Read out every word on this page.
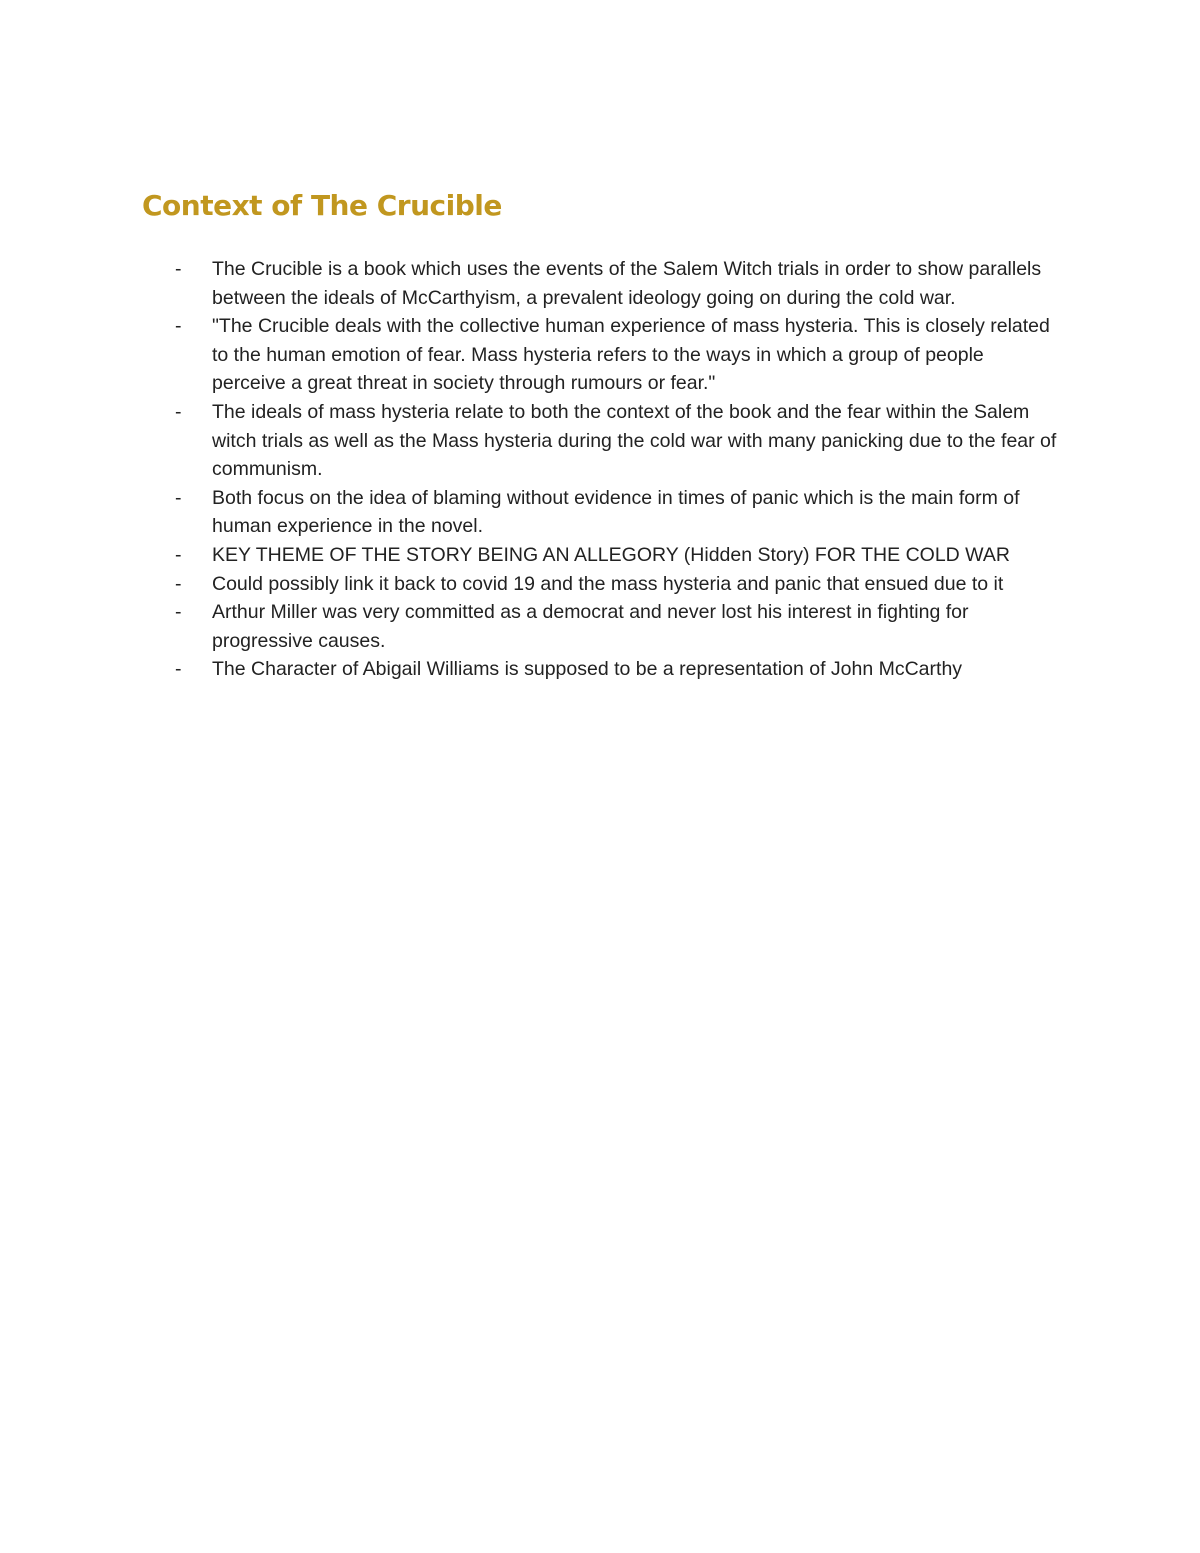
Context of The Crucible
- The Crucible is a book which uses the events of the Salem Witch trials in order to show parallels between the ideals of McCarthyism, a prevalent ideology going on during the cold war.
- "The Crucible deals with the collective human experience of mass hysteria. This is closely related to the human emotion of fear. Mass hysteria refers to the ways in which a group of people perceive a great threat in society through rumours or fear."
- The ideals of mass hysteria relate to both the context of the book and the fear within the Salem witch trials as well as the Mass hysteria during the cold war with many panicking due to the fear of communism.
- Both focus on the idea of blaming without evidence in times of panic which is the main form of human experience in the novel.
- KEY THEME OF THE STORY BEING AN ALLEGORY (Hidden Story) FOR THE COLD WAR
- Could possibly link it back to covid 19 and the mass hysteria and panic that ensued due to it
- Arthur Miller was very committed as a democrat and never lost his interest in fighting for progressive causes.
- The Character of Abigail Williams is supposed to be a representation of John McCarthy
